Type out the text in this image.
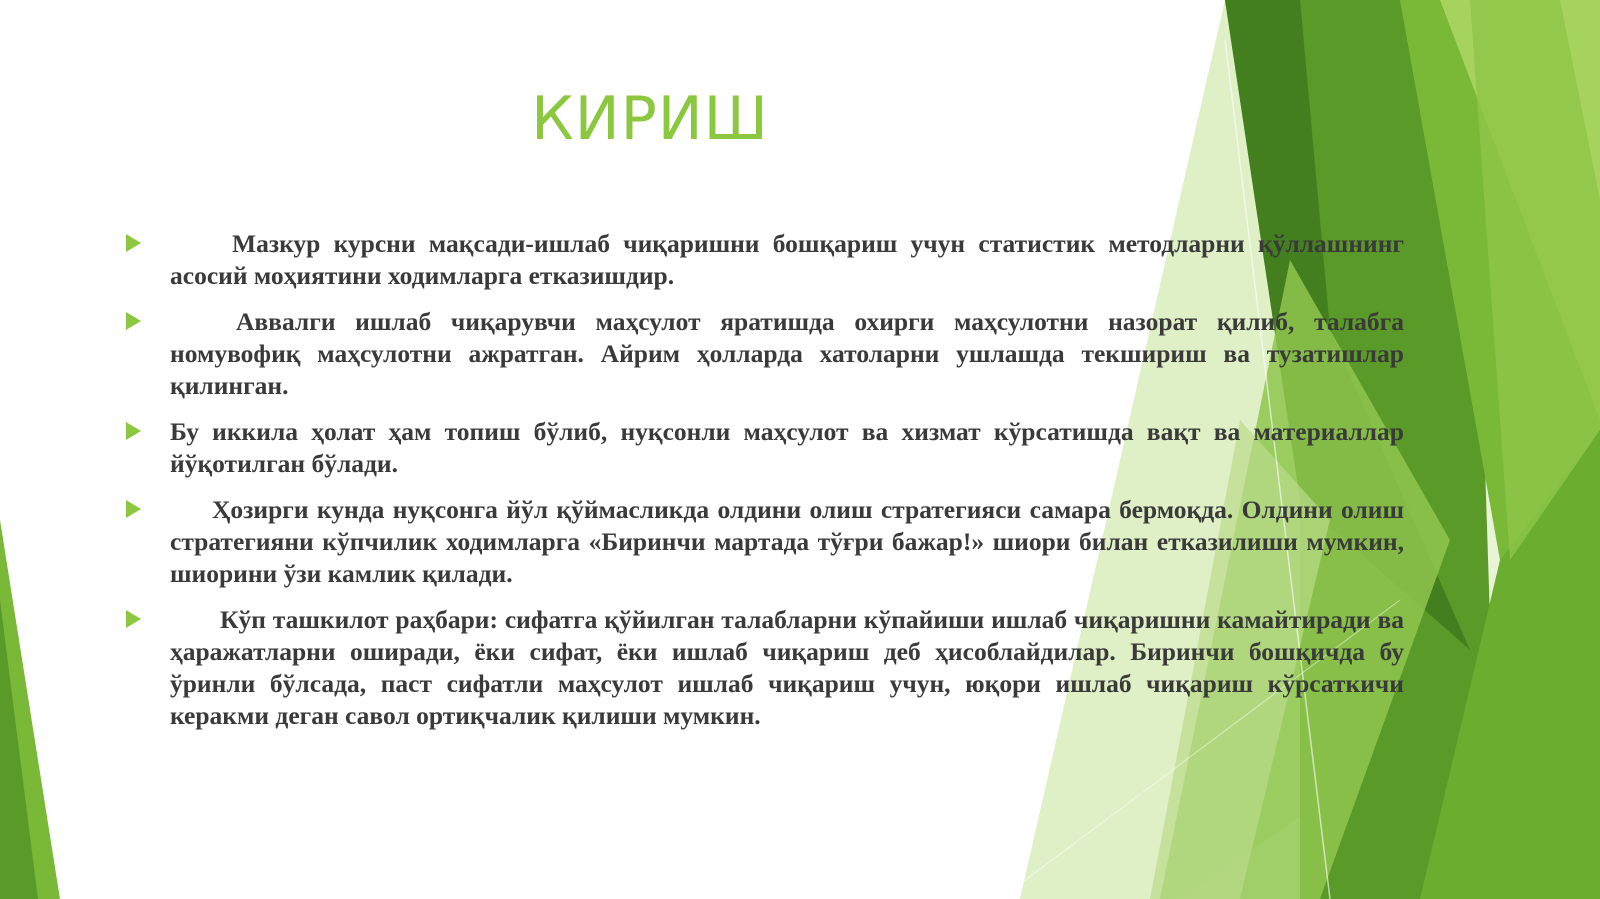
КИРИШ
Мазкур курсни мақсади-ишлаб чиқаришни бошқариш учун статистик методларни қўллашнинг асосий моҳиятини ходимларга етказишдир.
Аввалги ишлаб чиқарувчи маҳсулот яратишда охирги маҳсулотни назорат қилиб, талабга номувофиқ маҳсулотни ажратган. Айрим ҳолларда хатоларни ушлашда текшириш ва тузатишлар қилинган.
Бу иккила ҳолат ҳам топиш бўлиб, нуқсонли маҳсулот ва хизмат кўрсатишда вақт ва материаллар йўқотилган бўлади.
Ҳозирги кунда нуқсонга йўл қўймасликда олдини олиш стратегияси самара бермоқда. Олдини олиш стратегияни кўпчилик ходимларга «Биринчи мартада тўғри бажар!» шиори билан етказилиши мумкин, шиорини ўзи камлик қилади.
Кўп ташкилот раҳбари: сифатга қўйилган талабларни кўпайиши ишлаб чиқаришни камайтиради ва ҳаражатларни оширади, ёки сифат, ёки ишлаб чиқариш деб ҳисоблайдилар. Биринчи бошқичда бу ўринли бўлсада, паст сифатли маҳсулот ишлаб чиқариш учун, юқори ишлаб чиқариш кўрсаткичи керакми деган савол ортиқчалик қилиши мумкин.
